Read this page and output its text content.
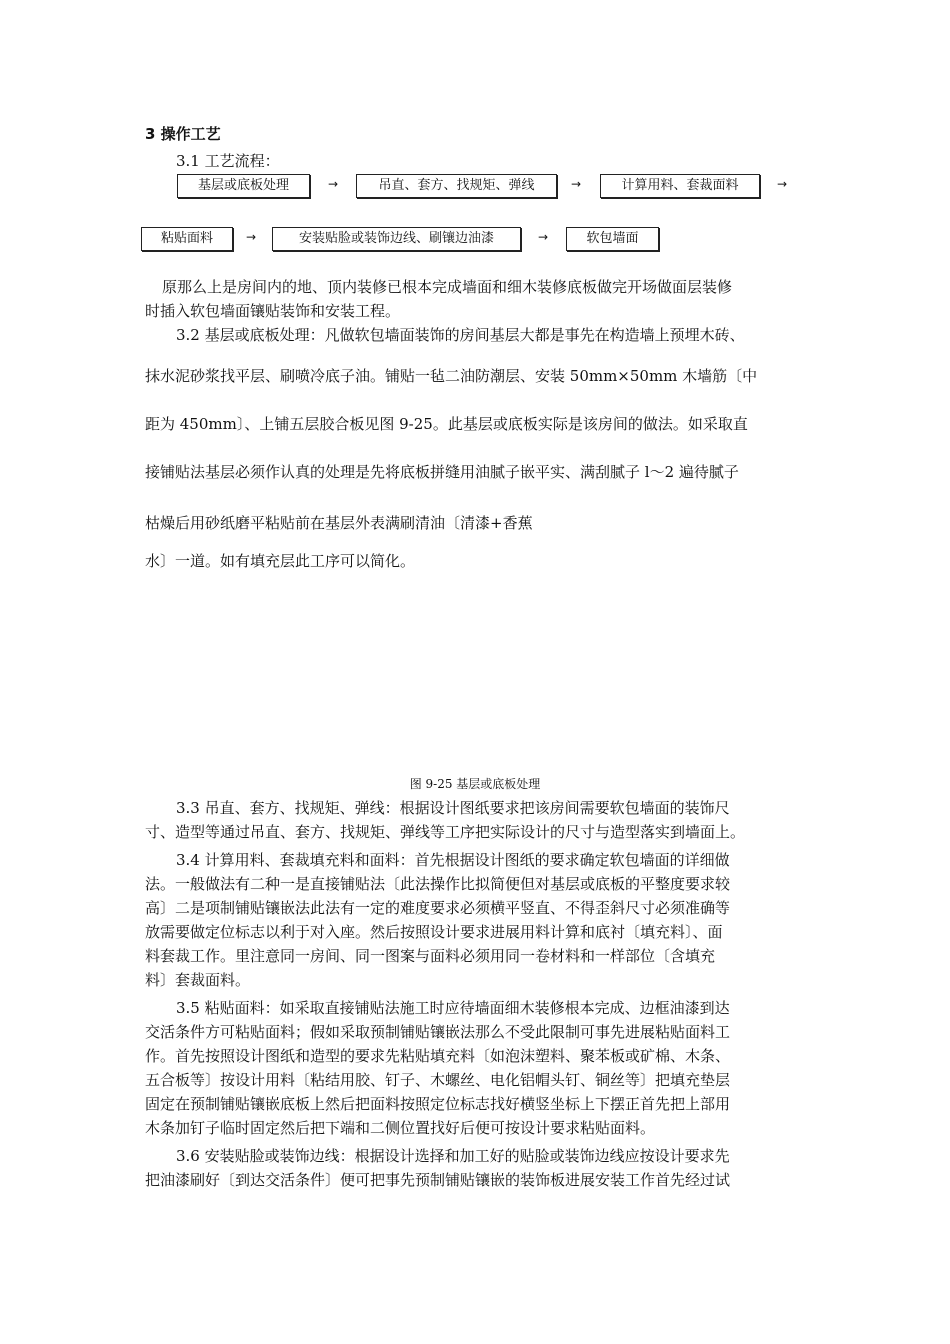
3 操作工艺
3.1 工艺流程：
基层或底板处理	→	吊直、套方、找规矩、弹线	→	计算用料、套裁面料	→
粘贴面料	→	安装贴脸或装饰边线、刷镶边油漆	→	软包墙面
原那么上是房间内的地、顶内装修已根本完成墙面和细木装修底板做完开场做面层装修
时插入软包墙面镶贴装饰和安装工程。
3.2 基层或底板处理：凡做软包墙面装饰的房间基层大都是事先在构造墙上预埋木砖、
抹水泥砂浆找平层、刷喷冷底子油。铺贴一毡二油防潮层、安装 50mm×50mm 木墙筋〔中
距为 450mm〕、上铺五层胶合板见图 9-25。此基层或底板实际是该房间的做法。如采取直
接铺贴法基层必须作认真的处理是先将底板拼缝用油腻子嵌平实、满刮腻子 l～2 遍待腻子
枯燥后用砂纸磨平粘贴前在基层外表满刷清油〔清漆+香蕉
水〕一道。如有填充层此工序可以简化。
图 9-25 基层或底板处理
3.3 吊直、套方、找规矩、弹线：根据设计图纸要求把该房间需要软包墙面的装饰尺
寸、造型等通过吊直、套方、找规矩、弹线等工序把实际设计的尺寸与造型落实到墙面上。
3.4 计算用料、套裁填充料和面料：首先根据设计图纸的要求确定软包墙面的详细做
法。一般做法有二种一是直接铺贴法〔此法操作比拟简便但对基层或底板的平整度要求较
高〕二是项制铺贴镶嵌法此法有一定的难度要求必须横平竖直、不得歪斜尺寸必须准确等
放需要做定位标志以利于对入座。然后按照设计要求进展用料计算和底衬〔填充料〕、面
料套裁工作。里注意同一房间、同一图案与面料必须用同一卷材料和一样部位〔含填充
料〕套裁面料。
3.5 粘贴面料：如采取直接铺贴法施工时应待墙面细木装修根本完成、边框油漆到达
交活条件方可粘贴面料；假如采取预制铺贴镶嵌法那么不受此限制可事先进展粘贴面料工
作。首先按照设计图纸和造型的要求先粘贴填充料〔如泡沫塑料、聚苯板或矿棉、木条、
五合板等〕按设计用料〔粘结用胶、钉子、木螺丝、电化铝帽头钉、铜丝等〕把填充垫层
固定在预制铺贴镶嵌底板上然后把面料按照定位标志找好横竖坐标上下摆正首先把上部用
木条加钉子临时固定然后把下端和二侧位置找好后便可按设计要求粘贴面料。
3.6 安装贴脸或装饰边线：根据设计选择和加工好的贴脸或装饰边线应按设计要求先
把油漆刷好〔到达交活条件〕便可把事先预制铺贴镶嵌的装饰板进展安装工作首先经过试
